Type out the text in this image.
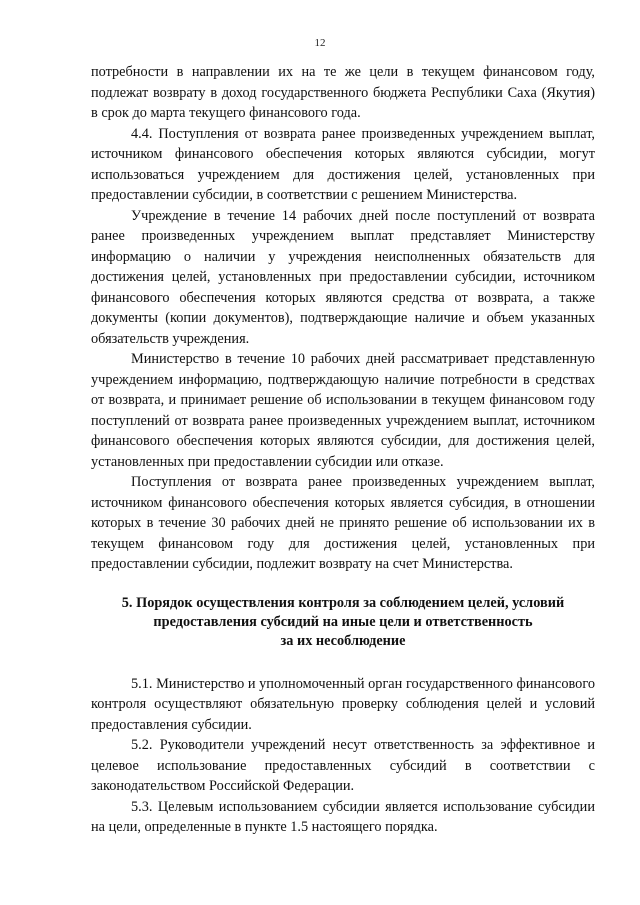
12

потребности в направлении их на те же цели в текущем финансовом году, подлежат возврату в доход государственного бюджета Республики Саха (Якутия) в срок до марта текущего финансового года.

4.4. Поступления от возврата ранее произведенных учреждением выплат, источником финансового обеспечения которых являются субсидии, могут использоваться учреждением для достижения целей, установленных при предоставлении субсидии, в соответствии с решением Министерства.

Учреждение в течение 14 рабочих дней после поступлений от возврата ранее произведенных учреждением выплат представляет Министерству информацию о наличии у учреждения неисполненных обязательств для достижения целей, установленных при предоставлении субсидии, источником финансового обеспечения которых являются средства от возврата, а также документы (копии документов), подтверждающие наличие и объем указанных обязательств учреждения.

Министерство в течение 10 рабочих дней рассматривает представленную учреждением информацию, подтверждающую наличие потребности в средствах от возврата, и принимает решение об использовании в текущем финансовом году поступлений от возврата ранее произведенных учреждением выплат, источником финансового обеспечения которых являются субсидии, для достижения целей, установленных при предоставлении субсидии или отказе.

Поступления от возврата ранее произведенных учреждением выплат, источником финансового обеспечения которых является субсидия, в отношении которых в течение 30 рабочих дней не принято решение об использовании их в текущем финансовом году для достижения целей, установленных при предоставлении субсидии, подлежит возврату на счет Министерства.

5. Порядок осуществления контроля за соблюдением целей, условий
предоставления субсидий на иные цели и ответственность
за их несоблюдение

5.1. Министерство и уполномоченный орган государственного финансового контроля осуществляют обязательную проверку соблюдения целей и условий предоставления субсидии.

5.2. Руководители учреждений несут ответственность за эффективное и целевое использование предоставленных субсидий в соответствии с законодательством Российской Федерации.

5.3. Целевым использованием субсидии является использование субсидии на цели, определенные в пункте 1.5 настоящего порядка.
